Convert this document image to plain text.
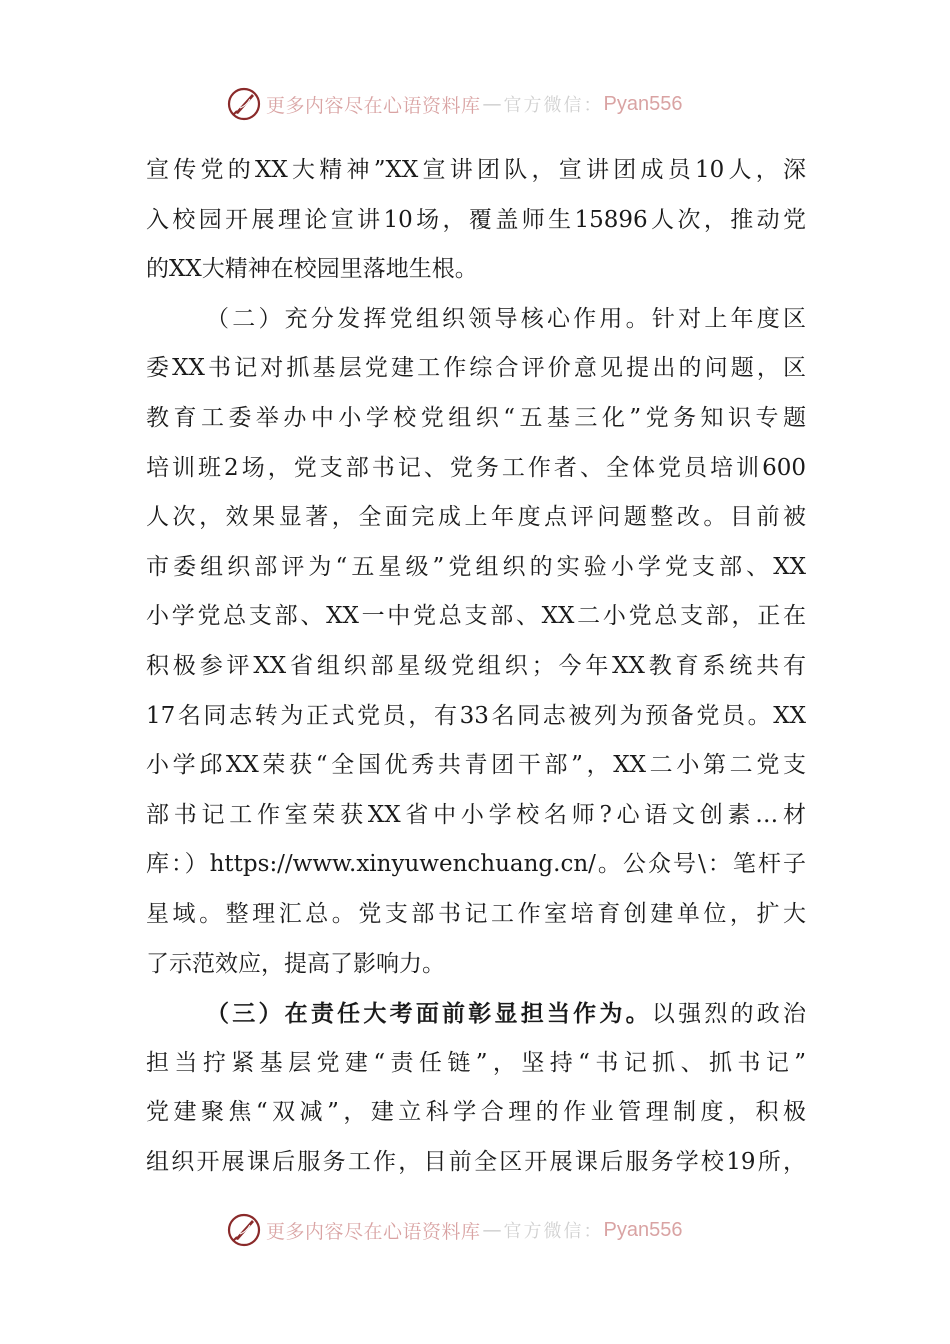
更多内容尽在心语资料库 — 官方微信： Pyan556
宣传党的XX大精神”XX宣讲团队，宣讲团成员10人，深
入校园开展理论宣讲10场，覆盖师生15896人次，推动党
的XX大精神在校园里落地生根。
（二）充分发挥党组织领导核心作用。针对上年度区
委XX书记对抓基层党建工作综合评价意见提出的问题，区
教育工委举办中小学校党组织“五基三化”党务知识专题
培训班2场，党支部书记、党务工作者、全体党员培训600
人次，效果显著，全面完成上年度点评问题整改。目前被
市委组织部评为“五星级”党组织的实验小学党支部、XX
小学党总支部、XX一中党总支部、XX二小党总支部，正在
积极参评XX省组织部星级党组织；今年XX教育系统共有
17名同志转为正式党员，有33名同志被列为预备党员。XX
小学邱XX荣获“全国优秀共青团干部”，XX二小第二党支
部书记工作室荣获XX省中小学校名师?心语文创素…材
库：）https://www.xinyuwenchuang.cn/。公众号\：笔杆子
星域。整理汇总。党支部书记工作室培育创建单位，扩大
了示范效应，提高了影响力。
（三）在责任大考面前彰显担当作为。以强烈的政治
担当拧紧基层党建“责任链”，坚持“书记抓、抓书记”
党建聚焦“双减”，建立科学合理的作业管理制度，积极
组织开展课后服务工作，目前全区开展课后服务学校19所，
更多内容尽在心语资料库 — 官方微信： Pyan556
